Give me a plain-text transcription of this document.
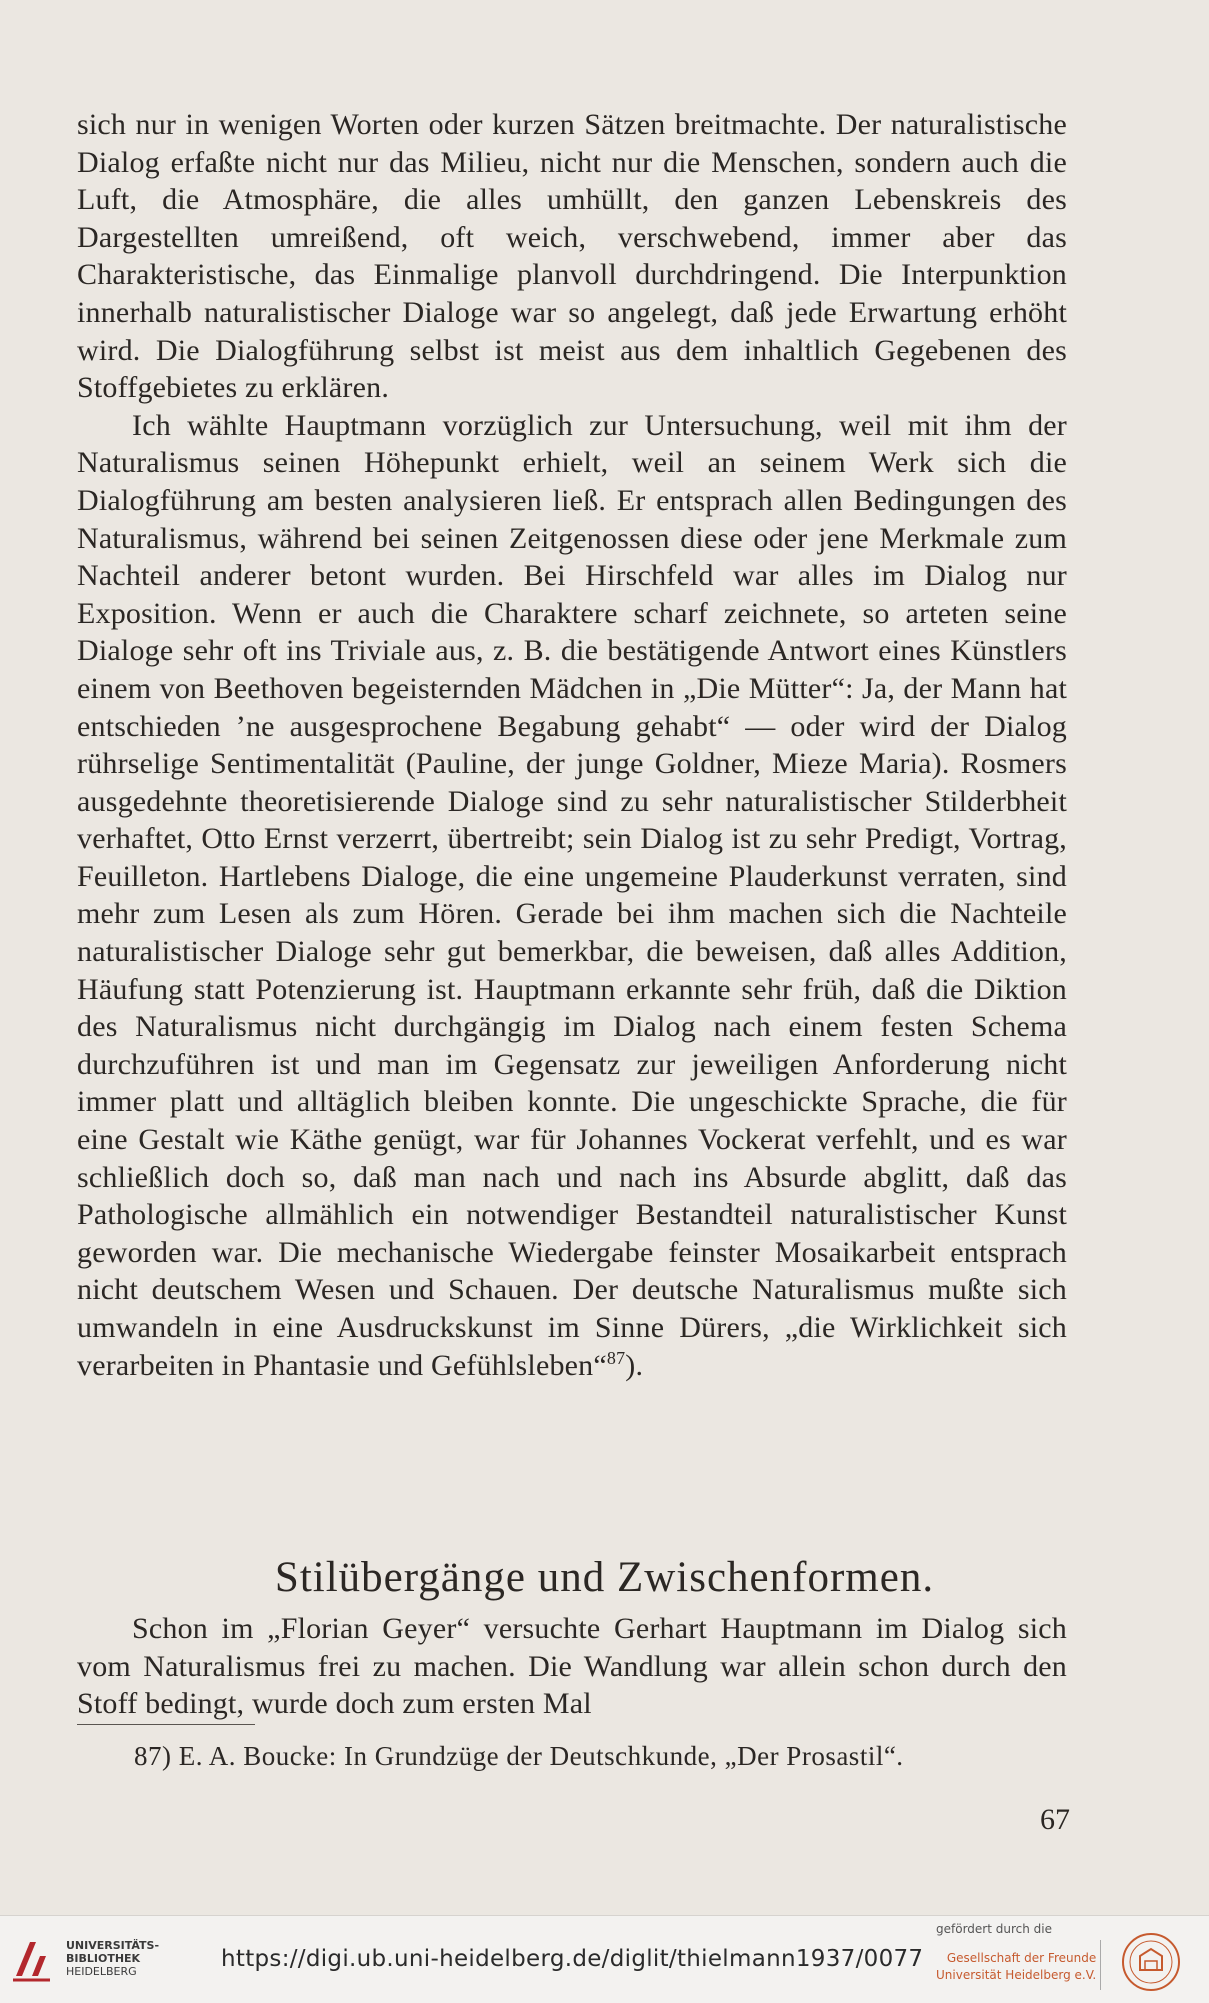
sich nur in wenigen Worten oder kurzen Sätzen breitmachte. Der naturalistische Dialog erfaßte nicht nur das Milieu, nicht nur die Menschen, sondern auch die Luft, die Atmosphäre, die alles umhüllt, den ganzen Lebenskreis des Dargestellten umreißend, oft weich, verschwebend, immer aber das Charakteristische, das Einmalige planvoll durchdringend. Die Interpunktion innerhalb naturalistischer Dialoge war so angelegt, daß jede Erwartung erhöht wird. Die Dialogführung selbst ist meist aus dem inhaltlich Gegebenen des Stoffgebietes zu erklären.

Ich wählte Hauptmann vorzüglich zur Untersuchung, weil mit ihm der Naturalismus seinen Höhepunkt erhielt, weil an seinem Werk sich die Dialogführung am besten analysieren ließ. Er entsprach allen Bedingungen des Naturalismus, während bei seinen Zeitgenossen diese oder jene Merkmale zum Nachteil anderer betont wurden. Bei Hirschfeld war alles im Dialog nur Exposition. Wenn er auch die Charaktere scharf zeichnete, so arteten seine Dialoge sehr oft ins Triviale aus, z. B. die bestätigende Antwort eines Künstlers einem von Beethoven begeisternden Mädchen in „Die Mütter“: Ja, der Mann hat entschieden ’ne ausgesprochene Begabung gehabt“ — oder wird der Dialog rührselige Sentimentalität (Pauline, der junge Goldner, Mieze Maria). Rosmers ausgedehnte theoretisierende Dialoge sind zu sehr naturalistischer Stilderbheit verhaftet, Otto Ernst verzerrt, übertreibt; sein Dialog ist zu sehr Predigt, Vortrag, Feuilleton. Hartlebens Dialoge, die eine ungemeine Plauderkunst verraten, sind mehr zum Lesen als zum Hören. Gerade bei ihm machen sich die Nachteile naturalistischer Dialoge sehr gut bemerkbar, die beweisen, daß alles Addition, Häufung statt Potenzierung ist. Hauptmann erkannte sehr früh, daß die Diktion des Naturalismus nicht durchgängig im Dialog nach einem festen Schema durchzuführen ist und man im Gegensatz zur jeweiligen Anforderung nicht immer platt und alltäglich bleiben konnte. Die ungeschickte Sprache, die für eine Gestalt wie Käthe genügt, war für Johannes Vockerat verfehlt, und es war schließlich doch so, daß man nach und nach ins Absurde abglitt, daß das Pathologische allmählich ein notwendiger Bestandteil naturalistischer Kunst geworden war. Die mechanische Wiedergabe feinster Mosaikarbeit entsprach nicht deutschem Wesen und Schauen. Der deutsche Naturalismus mußte sich umwandeln in eine Ausdruckskunst im Sinne Dürers, „die Wirklichkeit sich verarbeiten in Phantasie und Gefühlsleben“$^{87}$).

Stilübergänge und Zwischenformen.

Schon im „Florian Geyer“ versuchte Gerhart Hauptmann im Dialog sich vom Naturalismus frei zu machen. Die Wandlung war allein schon durch den Stoff bedingt, wurde doch zum ersten Mal

87) E. A. Boucke: In Grundzüge der Deutschkunde, „Der Prosastil“.
67
UNIVERSITÄTS-
BIBLIOTHEK
HEIDELBERG	https://digi.ub.uni-heidelberg.de/diglit/thielmann1937/0077
gefördert durch die
Gesellschaft der Freunde
Universität Heidelberg e.V.
